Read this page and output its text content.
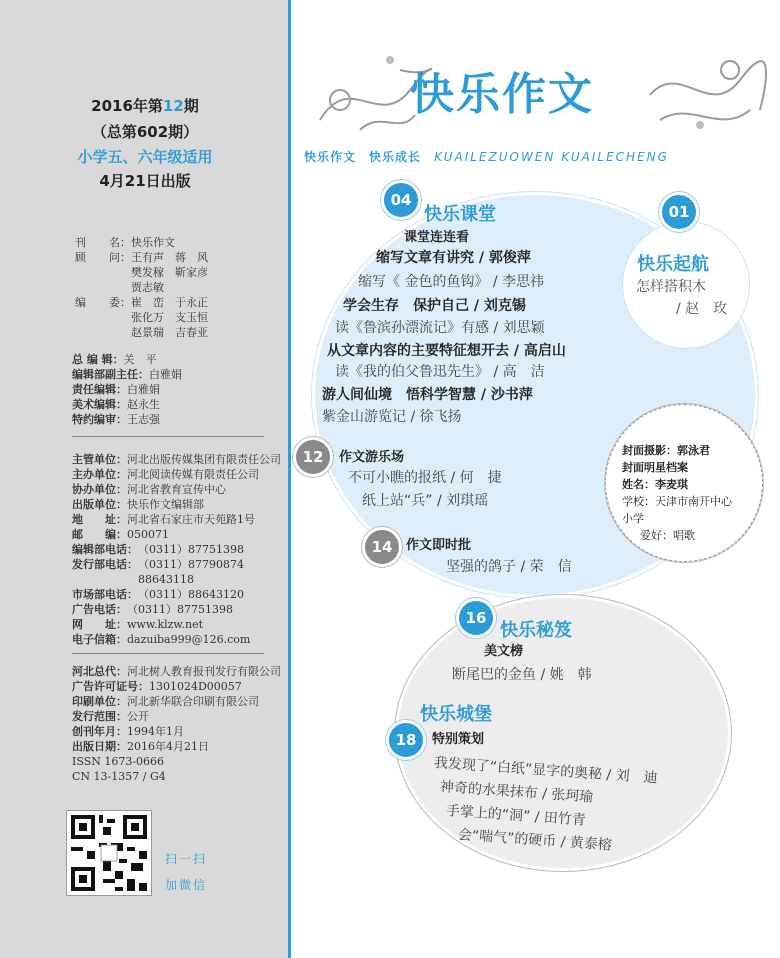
2016年第12期
（总第602期）
小学五、六年级适用
4月21日出版
刊	名：快乐作文
顾	问：王有声　蒋　风
　　樊发稼　靳家彦
　　贾志敏
编	委：崔　峦　于永正
　　张化万　支玉恒
　　赵景瑞　吉春亚
总 编 辑： 关　平
编辑部副主任： 白雅娟
责任编辑： 白雅娟
美术编辑： 赵永生
特约编审： 王志强
主管单位： 河北出版传媒集团有限责任公司
主办单位： 河北阅读传媒有限责任公司
协办单位： 河北省教育宣传中心
出版单位： 快乐作文编辑部
地　　址： 河北省石家庄市天苑路1号
邮　　编： 050071
编辑部电话： （0311）87751398
发行部电话： （0311）87790874
　　　　　　88643118
市场部电话： （0311）88643120
广告电话： （0311）87751398
网　　址： www.klzw.net
电子信箱： dazuiba999@126.com
河北总代： 河北树人教育报刊发行有限公司
广告许可证号： 1301024D00057
印刷单位： 河北新华联合印刷有限公司
发行范围： 公开
创刊年月： 1994年1月
出版日期： 2016年4月21日
ISSN 1673-0666
CN 13-1357 / G4
扫一扫
加微信
快乐作文
快乐作文　 快乐成长　 KUAILEZUOWEN KUAILECHENG
01
快乐起航
怎样搭积木
/ 赵　玫
04
快乐课堂
课堂连连看
缩写文章有讲究 / 郭俊萍
缩写《 金色的鱼钩》 / 李思祎
学会生存　保护自己 / 刘克锡
读《鲁滨孙漂流记》有感 / 刘思颖
从文章内容的主要特征想开去 / 高启山
读《我的伯父鲁迅先生》 / 高　洁
游人间仙境　悟科学智慧 / 沙书萍
紫金山游览记 / 徐飞扬
12	作文游乐场
不可小瞧的报纸 / 何　捷
纸上站“兵” / 刘琪瑶
14	作文即时批
坚强的鸽子 / 荣　信
封面摄影：郭泳君
封面明星档案
姓名：李麦琪
学校：天津市南开中心
小学
爱好：唱歌
16
快乐秘笈
美文榜
断尾巴的金鱼 / 姚　韩
快乐城堡
18	特别策划
我发现了“白纸”显字的奥秘 / 刘　迪
神奇的水果抹布 / 张珂瑜
手掌上的“洞” / 田竹青
会“喘气”的硬币 / 黄泰榕
